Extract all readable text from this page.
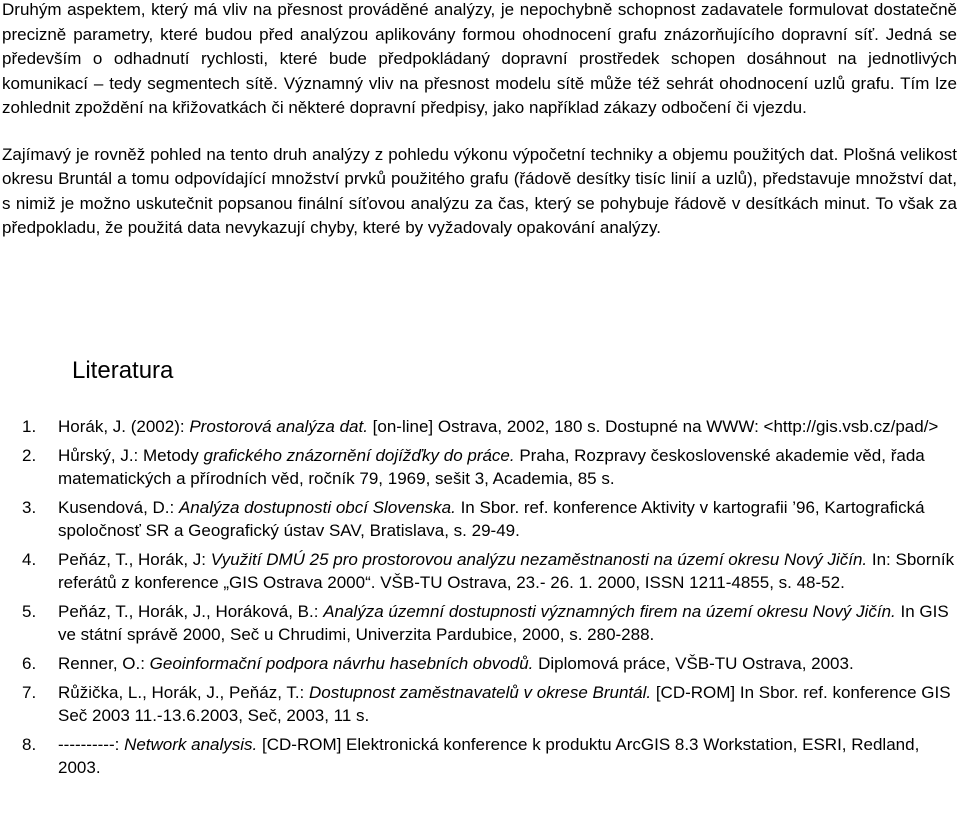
Druhým aspektem, který má vliv na přesnost prováděné analýzy, je nepochybně schopnost zadavatele formulovat dostatečně precizně parametry, které budou před analýzou aplikovány formou ohodnocení grafu znázorňujícího dopravní síť. Jedná se především o odhadnutí rychlosti, které bude předpokládaný dopravní prostředek schopen dosáhnout na jednotlivých komunikací – tedy segmentech sítě. Významný vliv na přesnost modelu sítě může též sehrát ohodnocení uzlů grafu. Tím lze zohlednit zpoždění na křižovatkách či některé dopravní předpisy, jako například zákazy odbočení či vjezdu.

Zajímavý je rovněž pohled na tento druh analýzy z pohledu výkonu výpočetní techniky a objemu použitých dat. Plošná velikost okresu Bruntál a tomu odpovídající množství prvků použitého grafu (řádově desítky tisíc linií a uzlů), představuje množství dat, s nimiž je možno uskutečnit popsanou finální síťovou analýzu za čas, který se pohybuje řádově v desítkách minut. To však za předpokladu, že použitá data nevykazují chyby, které by vyžadovaly opakování analýzy.

Literatura
1. Horák, J. (2002): Prostorová analýza dat. [on-line] Ostrava, 2002, 180 s. Dostupné na WWW: <http://gis.vsb.cz/pad/>
2. Hůrský, J.: Metody grafického znázornění dojížďky do práce. Praha, Rozpravy československé akademie věd, řada matematických a přírodních věd, ročník 79, 1969, sešit 3, Academia, 85 s.
3. Kusendová, D.: Analýza dostupnosti obcí Slovenska. In Sbor. ref. konference Aktivity v kartografii ’96, Kartografická spoločnosť SR a Geografický ústav SAV, Bratislava, s. 29-49.
4. Peňáz, T., Horák, J: Využití DMÚ 25 pro prostorovou analýzu nezaměstnanosti na území okresu Nový Jičín. In: Sborník referátů z konference „GIS Ostrava 2000“. VŠB-TU Ostrava, 23.- 26. 1. 2000, ISSN 1211-4855, s. 48-52.
5. Peňáz, T., Horák, J., Horáková, B.: Analýza územní dostupnosti významných firem na území okresu Nový Jičín. In GIS ve státní správě 2000, Seč u Chrudimi, Univerzita Pardubice, 2000, s. 280-288.
6. Renner, O.: Geoinformační podpora návrhu hasebních obvodů. Diplomová práce, VŠB-TU Ostrava, 2003.
7. Růžička, L., Horák, J., Peňáz, T.: Dostupnost zaměstnavatelů v okrese Bruntál. [CD-ROM] In Sbor. ref. konference GIS Seč 2003 11.-13.6.2003, Seč, 2003, 11 s.
8. ----------: Network analysis. [CD-ROM] Elektronická konference k produktu ArcGIS 8.3 Workstation, ESRI, Redland, 2003.
